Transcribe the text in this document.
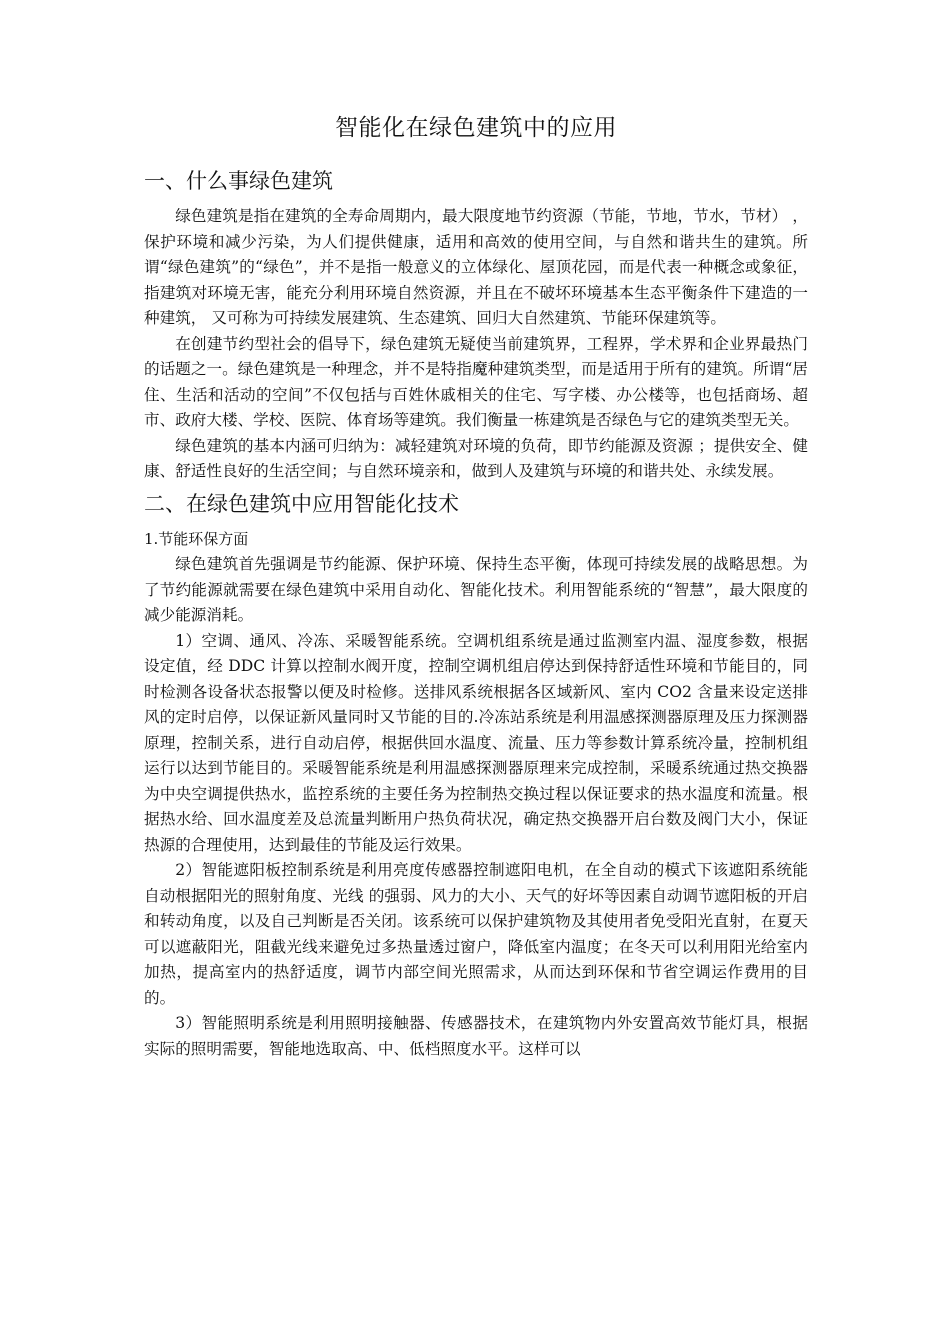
智能化在绿色建筑中的应用
一、什么事绿色建筑

绿色建筑是指在建筑的全寿命周期内，最大限度地节约资源（节能，节地，节水，节材） ，保护环境和减少污染，为人们提供健康，适用和高效的使用空间，与自然和谐共生的建筑。所谓“绿色建筑”的“绿色”，并不是指一般意义的立体绿化、屋顶花园，而是代表一种概念或象征，指建筑对环境无害，能充分利用环境自然资源，并且在不破坏环境基本生态平衡条件下建造的一种建筑， 又可称为可持续发展建筑、生态建筑、回归大自然建筑、节能环保建筑等。

在创建节约型社会的倡导下，绿色建筑无疑使当前建筑界，工程界，学术界和企业界最热门的话题之一。绿色建筑是一种理念，并不是特指魔种建筑类型，而是适用于所有的建筑。所谓“居住、生活和活动的空间”不仅包括与百姓休戚相关的住宅、写字楼、办公楼等，也包括商场、超市、政府大楼、学校、医院、体育场等建筑。我们衡量一栋建筑是否绿色与它的建筑类型无关。

绿色建筑的基本内涵可归纳为：减轻建筑对环境的负荷，即节约能源及资源 ；提供安全、健康、舒适性良好的生活空间；与自然环境亲和，做到人及建筑与环境的和谐共处、永续发展。

二、在绿色建筑中应用智能化技术
1.节能环保方面

绿色建筑首先强调是节约能源、保护环境、保持生态平衡，体现可持续发展的战略思想。为了节约能源就需要在绿色建筑中采用自动化、智能化技术。利用智能系统的“智慧”，最大限度的减少能源消耗。

1）空调、通风、冷冻、采暖智能系统。空调机组系统是通过监测室内温、湿度参数，根据设定值，经 DDC 计算以控制水阀开度，控制空调机组启停达到保持舒适性环境和节能目的，同时检测各设备状态报警以便及时检修。送排风系统根据各区域新风、室内 CO2 含量来设定送排风的定时启停，以保证新风量同时又节能的目的.冷冻站系统是利用温感探测器原理及压力探测器原理，控制关系，进行自动启停，根据供回水温度、流量、压力等参数计算系统冷量，控制机组运行以达到节能目的。采暖智能系统是利用温感探测器原理来完成控制，采暖系统通过热交换器为中央空调提供热水，监控系统的主要任务为控制热交换过程以保证要求的热水温度和流量。根据热水给、回水温度差及总流量判断用户热负荷状况，确定热交换器开启台数及阀门大小，保证热源的合理使用，达到最佳的节能及运行效果。

2）智能遮阳板控制系统是利用亮度传感器控制遮阳电机，在全自动的模式下该遮阳系统能自动根据阳光的照射角度、光线 的强弱、风力的大小、天气的好坏等因素自动调节遮阳板的开启和转动角度，以及自己判断是否关闭。该系统可以保护建筑物及其使用者免受阳光直射，在夏天可以遮蔽阳光，阻截光线来避免过多热量透过窗户，降低室内温度；在冬天可以利用阳光给室内加热，提高室内的热舒适度，调节内部空间光照需求，从而达到环保和节省空调运作费用的目的。

3）智能照明系统是利用照明接触器、传感器技术，在建筑物内外安置高效节能灯具，根据实际的照明需要，智能地选取高、中、低档照度水平。这样可以
